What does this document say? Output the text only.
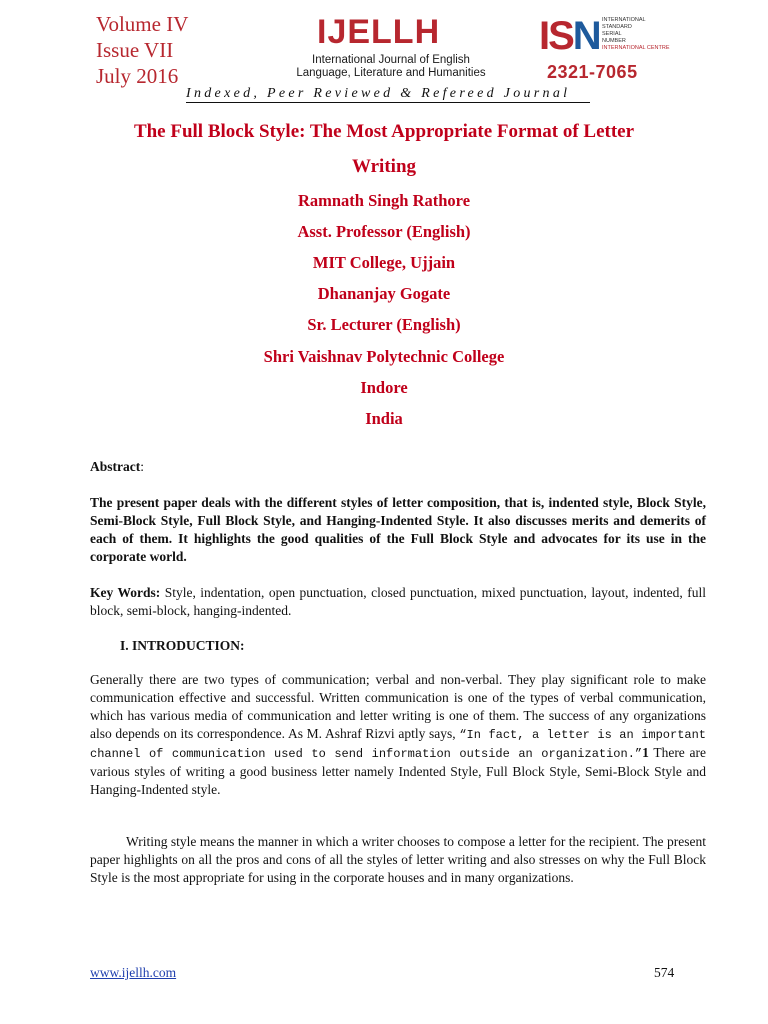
Volume IV
Issue VII
July 2016
IJELLH
International Journal of English
Language, Literature and Humanities
ISN INTERNATIONAL
STANDARD
SERIAL
NUMBER
INTERNATIONAL CENTRE
2321-7065
Indexed, Peer Reviewed & Refereed Journal
The Full Block Style: The Most Appropriate Format of Letter
Writing
Ramnath Singh Rathore
Asst. Professor (English)
MIT College, Ujjain
Dhananjay Gogate
Sr. Lecturer (English)
Shri Vaishnav Polytechnic College
Indore
India
Abstract:
The present paper deals with the different styles of letter composition, that is, indented style, Block Style, Semi-Block Style, Full Block Style, and Hanging-Indented Style. It also discusses merits and demerits of each of them. It highlights the good qualities of the Full Block Style and advocates for its use in the corporate world.
Key Words: Style, indentation, open punctuation, closed punctuation, mixed punctuation, layout, indented, full block, semi-block, hanging-indented.
I. INTRODUCTION:
Generally there are two types of communication; verbal and non-verbal. They play significant role to make communication effective and successful. Written communication is one of the types of verbal communication, which has various media of communication and letter writing is one of them. The success of any organizations also depends on its correspondence. As M. Ashraf Rizvi aptly says, “In fact, a letter is an important channel of communication used to send information outside an organization.”1 There are various styles of writing a good business letter namely Indented Style, Full Block Style, Semi-Block Style and Hanging-Indented style.
Writing style means the manner in which a writer chooses to compose a letter for the recipient. The present paper highlights on all the pros and cons of all the styles of letter writing and also stresses on why the Full Block Style is the most appropriate for using in the corporate houses and in many organizations.
www.ijellh.com	574
